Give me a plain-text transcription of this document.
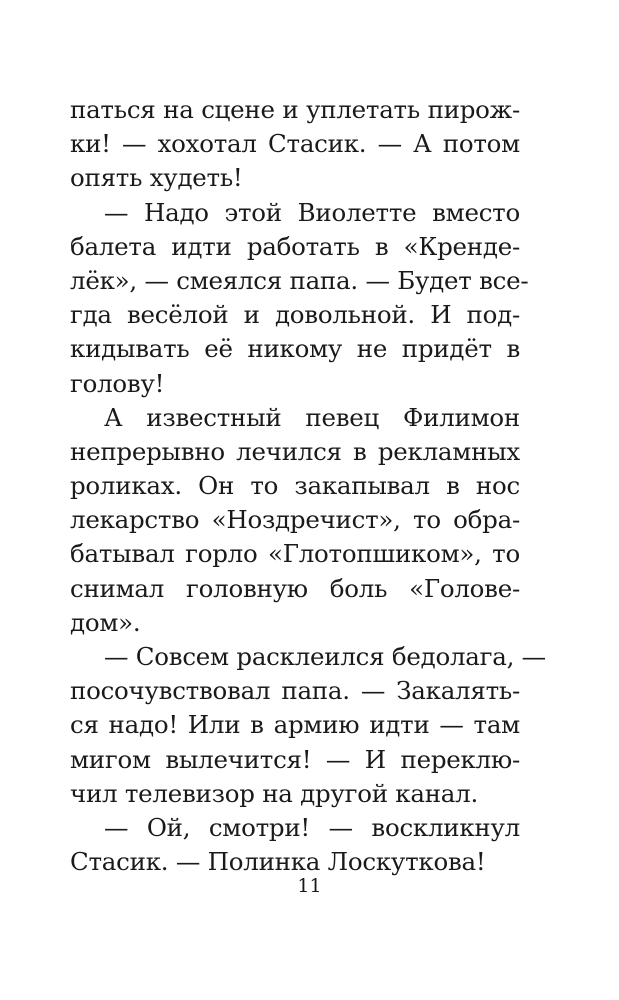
паться на сцене и уплетать пирож-
ки! — хохотал Стасик. — А потом
опять худеть!
— Надо этой Виолетте вместо
балета идти работать в «Кренде-
лёк», — смеялся папа. — Будет все-
гда весёлой и довольной. И под-
кидывать её никому не придёт в
голову!
А известный певец Филимон
непрерывно лечился в рекламных
роликах. Он то закапывал в нос
лекарство «Ноздречист», то обра-
батывал горло «Глотопшиком», то
снимал головную боль «Голове-
дом».
— Совсем расклеился бедолага, —
посочувствовал папа. — Закалять-
ся надо! Или в армию идти — там
мигом вылечится! — И переклю-
чил телевизор на другой канал.
— Ой, смотри! — воскликнул
Стасик. — Полинка Лоскуткова!
11
